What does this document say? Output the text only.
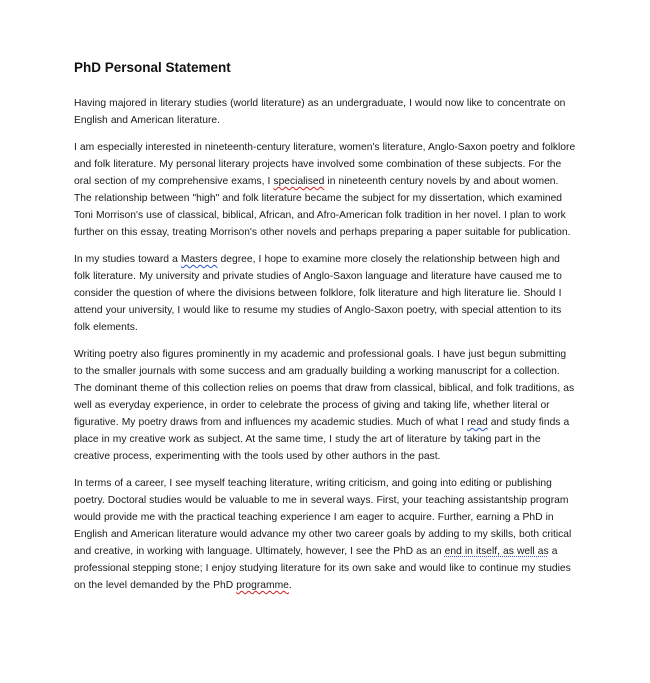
PhD Personal Statement

Having majored in literary studies (world literature) as an undergraduate, I would now like to concentrate on English and American literature.

I am especially interested in nineteenth-century literature, women's literature, Anglo-Saxon poetry and folklore and folk literature. My personal literary projects have involved some combination of these subjects. For the oral section of my comprehensive exams, I specialised in nineteenth century novels by and about women. The relationship between "high" and folk literature became the subject for my dissertation, which examined Toni Morrison's use of classical, biblical, African, and Afro-American folk tradition in her novel. I plan to work further on this essay, treating Morrison's other novels and perhaps preparing a paper suitable for publication.

In my studies toward a Masters degree, I hope to examine more closely the relationship between high and folk literature. My university and private studies of Anglo-Saxon language and literature have caused me to consider the question of where the divisions between folklore, folk literature and high literature lie. Should I attend your university, I would like to resume my studies of Anglo-Saxon poetry, with special attention to its folk elements.

Writing poetry also figures prominently in my academic and professional goals. I have just begun submitting to the smaller journals with some success and am gradually building a working manuscript for a collection. The dominant theme of this collection relies on poems that draw from classical, biblical, and folk traditions, as well as everyday experience, in order to celebrate the process of giving and taking life, whether literal or figurative. My poetry draws from and influences my academic studies. Much of what I read and study finds a place in my creative work as subject. At the same time, I study the art of literature by taking part in the creative process, experimenting with the tools used by other authors in the past.

In terms of a career, I see myself teaching literature, writing criticism, and going into editing or publishing poetry. Doctoral studies would be valuable to me in several ways. First, your teaching assistantship program would provide me with the practical teaching experience I am eager to acquire. Further, earning a PhD in English and American literature would advance my other two career goals by adding to my skills, both critical and creative, in working with language. Ultimately, however, I see the PhD as an end in itself, as well as a professional stepping stone; I enjoy studying literature for its own sake and would like to continue my studies on the level demanded by the PhD programme.
